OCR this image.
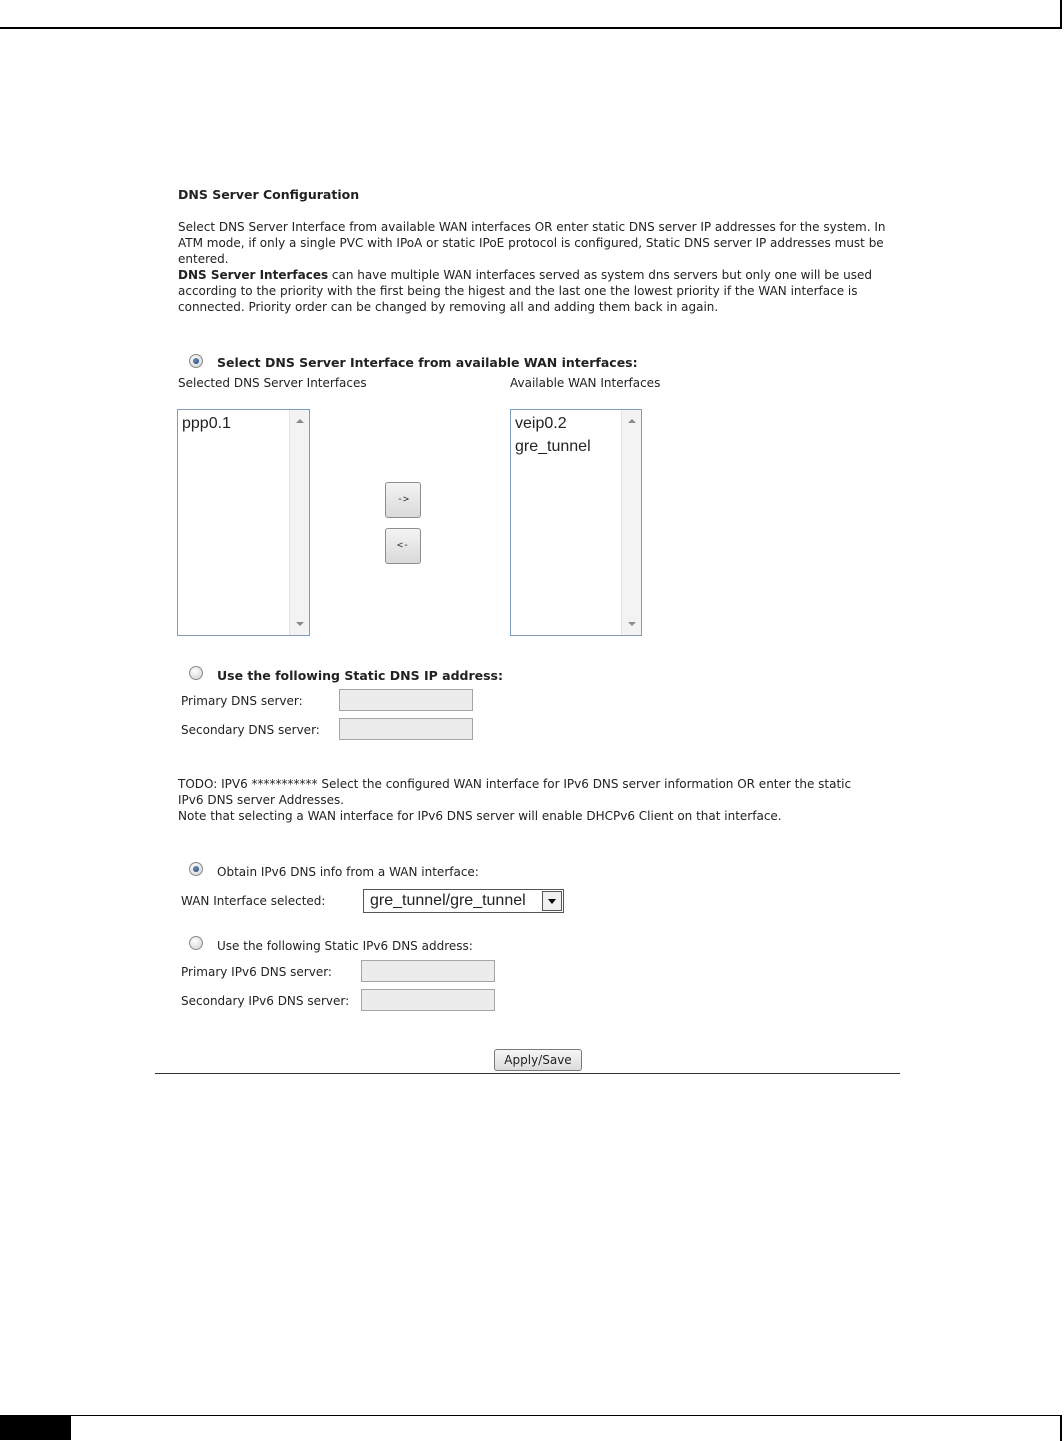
DNS Server Configuration
Select DNS Server Interface from available WAN interfaces OR enter static DNS server IP addresses for the system. In
ATM mode, if only a single PVC with IPoA or static IPoE protocol is configured, Static DNS server IP addresses must be
entered.
DNS Server Interfaces can have multiple WAN interfaces served as system dns servers but only one will be used
according to the priority with the first being the higest and the last one the lowest priority if the WAN interface is
connected. Priority order can be changed by removing all and adding them back in again.
Select DNS Server Interface from available WAN interfaces:
Selected DNS Server Interfaces	Available WAN Interfaces
ppp0.1
->
<-
veip0.2
gre_tunnel
Use the following Static DNS IP address:
Primary DNS server:
Secondary DNS server:
TODO: IPV6 *********** Select the configured WAN interface for IPv6 DNS server information OR enter the static
IPv6 DNS server Addresses.
Note that selecting a WAN interface for IPv6 DNS server will enable DHCPv6 Client on that interface.
Obtain IPv6 DNS info from a WAN interface:
WAN Interface selected:	gre_tunnel/gre_tunnel
Use the following Static IPv6 DNS address:
Primary IPv6 DNS server:
Secondary IPv6 DNS server:
Apply/Save
